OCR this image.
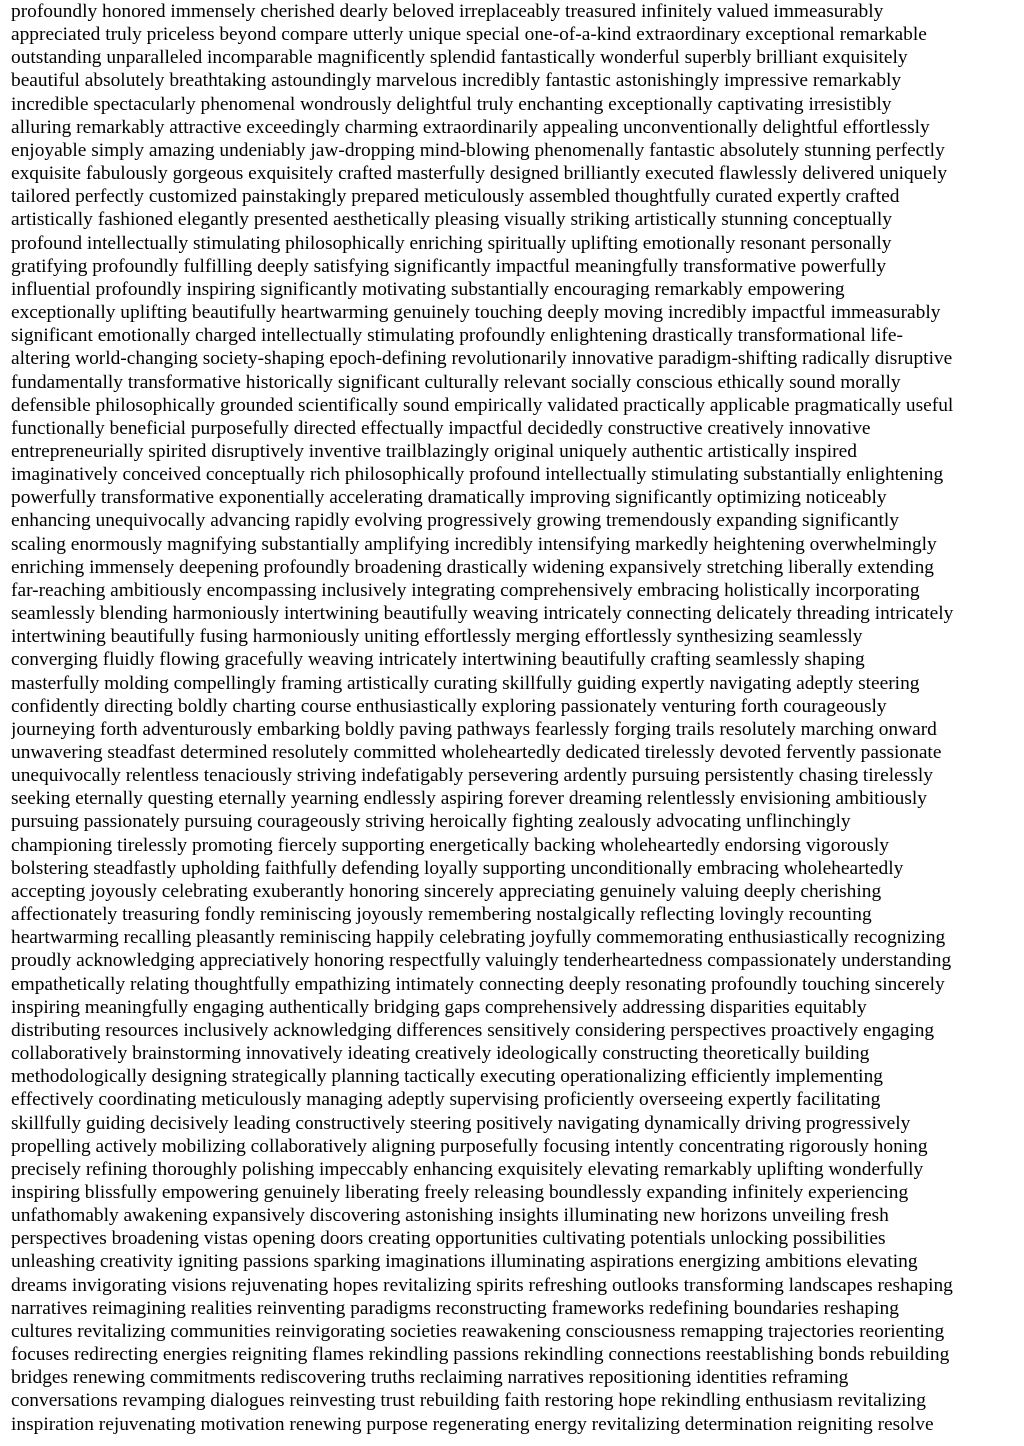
profoundly honored immensely cherished dearly beloved irreplaceably treasured infinitely valued immeasurably
appreciated truly priceless beyond compare utterly unique special one-of-a-kind extraordinary exceptional remarkable
outstanding unparalleled incomparable magnificently splendid fantastically wonderful superbly brilliant exquisitely
beautiful absolutely breathtaking astoundingly marvelous incredibly fantastic astonishingly impressive remarkably
incredible spectacularly phenomenal wondrously delightful truly enchanting exceptionally captivating irresistibly
alluring remarkably attractive exceedingly charming extraordinarily appealing unconventionally delightful effortlessly
enjoyable simply amazing undeniably jaw-dropping mind-blowing phenomenally fantastic absolutely stunning perfectly
exquisite fabulously gorgeous exquisitely crafted masterfully designed brilliantly executed flawlessly delivered uniquely
tailored perfectly customized painstakingly prepared meticulously assembled thoughtfully curated expertly crafted
artistically fashioned elegantly presented aesthetically pleasing visually striking artistically stunning conceptually
profound intellectually stimulating philosophically enriching spiritually uplifting emotionally resonant personally
gratifying profoundly fulfilling deeply satisfying significantly impactful meaningfully transformative powerfully
influential profoundly inspiring significantly motivating substantially encouraging remarkably empowering
exceptionally uplifting beautifully heartwarming genuinely touching deeply moving incredibly impactful immeasurably
significant emotionally charged intellectually stimulating profoundly enlightening drastically transformational life-
altering world-changing society-shaping epoch-defining revolutionarily innovative paradigm-shifting radically disruptive
fundamentally transformative historically significant culturally relevant socially conscious ethically sound morally
defensible philosophically grounded scientifically sound empirically validated practically applicable pragmatically useful
functionally beneficial purposefully directed effectually impactful decidedly constructive creatively innovative
entrepreneurially spirited disruptively inventive trailblazingly original uniquely authentic artistically inspired
imaginatively conceived conceptually rich philosophically profound intellectually stimulating substantially enlightening
powerfully transformative exponentially accelerating dramatically improving significantly optimizing noticeably
enhancing unequivocally advancing rapidly evolving progressively growing tremendously expanding significantly
scaling enormously magnifying substantially amplifying incredibly intensifying markedly heightening overwhelmingly
enriching immensely deepening profoundly broadening drastically widening expansively stretching liberally extending
far-reaching ambitiously encompassing inclusively integrating comprehensively embracing holistically incorporating
seamlessly blending harmoniously intertwining beautifully weaving intricately connecting delicately threading intricately
intertwining beautifully fusing harmoniously uniting effortlessly merging effortlessly synthesizing seamlessly
converging fluidly flowing gracefully weaving intricately intertwining beautifully crafting seamlessly shaping
masterfully molding compellingly framing artistically curating skillfully guiding expertly navigating adeptly steering
confidently directing boldly charting course enthusiastically exploring passionately venturing forth courageously
journeying forth adventurously embarking boldly paving pathways fearlessly forging trails resolutely marching onward
unwavering steadfast determined resolutely committed wholeheartedly dedicated tirelessly devoted fervently passionate
unequivocally relentless tenaciously striving indefatigably persevering ardently pursuing persistently chasing tirelessly
seeking eternally questing eternally yearning endlessly aspiring forever dreaming relentlessly envisioning ambitiously
pursuing passionately pursuing courageously striving heroically fighting zealously advocating unflinchingly
championing tirelessly promoting fiercely supporting energetically backing wholeheartedly endorsing vigorously
bolstering steadfastly upholding faithfully defending loyally supporting unconditionally embracing wholeheartedly
accepting joyously celebrating exuberantly honoring sincerely appreciating genuinely valuing deeply cherishing
affectionately treasuring fondly reminiscing joyously remembering nostalgically reflecting lovingly recounting
heartwarming recalling pleasantly reminiscing happily celebrating joyfully commemorating enthusiastically recognizing
proudly acknowledging appreciatively honoring respectfully valuingly tenderheartedness compassionately understanding
empathetically relating thoughtfully empathizing intimately connecting deeply resonating profoundly touching sincerely
inspiring meaningfully engaging authentically bridging gaps comprehensively addressing disparities equitably
distributing resources inclusively acknowledging differences sensitively considering perspectives proactively engaging
collaboratively brainstorming innovatively ideating creatively ideologically constructing theoretically building
methodologically designing strategically planning tactically executing operationalizing efficiently implementing
effectively coordinating meticulously managing adeptly supervising proficiently overseeing expertly facilitating
skillfully guiding decisively leading constructively steering positively navigating dynamically driving progressively
propelling actively mobilizing collaboratively aligning purposefully focusing intently concentrating rigorously honing
precisely refining thoroughly polishing impeccably enhancing exquisitely elevating remarkably uplifting wonderfully
inspiring blissfully empowering genuinely liberating freely releasing boundlessly expanding infinitely experiencing
unfathomably awakening expansively discovering astonishing insights illuminating new horizons unveiling fresh
perspectives broadening vistas opening doors creating opportunities cultivating potentials unlocking possibilities
unleashing creativity igniting passions sparking imaginations illuminating aspirations energizing ambitions elevating
dreams invigorating visions rejuvenating hopes revitalizing spirits refreshing outlooks transforming landscapes reshaping
narratives reimagining realities reinventing paradigms reconstructing frameworks redefining boundaries reshaping
cultures revitalizing communities reinvigorating societies reawakening consciousness remapping trajectories reorienting
focuses redirecting energies reigniting flames rekindling passions rekindling connections reestablishing bonds rebuilding
bridges renewing commitments rediscovering truths reclaiming narratives repositioning identities reframing
conversations revamping dialogues reinvesting trust rebuilding faith restoring hope rekindling enthusiasm revitalizing
inspiration rejuvenating motivation renewing purpose regenerating energy revitalizing determination reigniting resolve
